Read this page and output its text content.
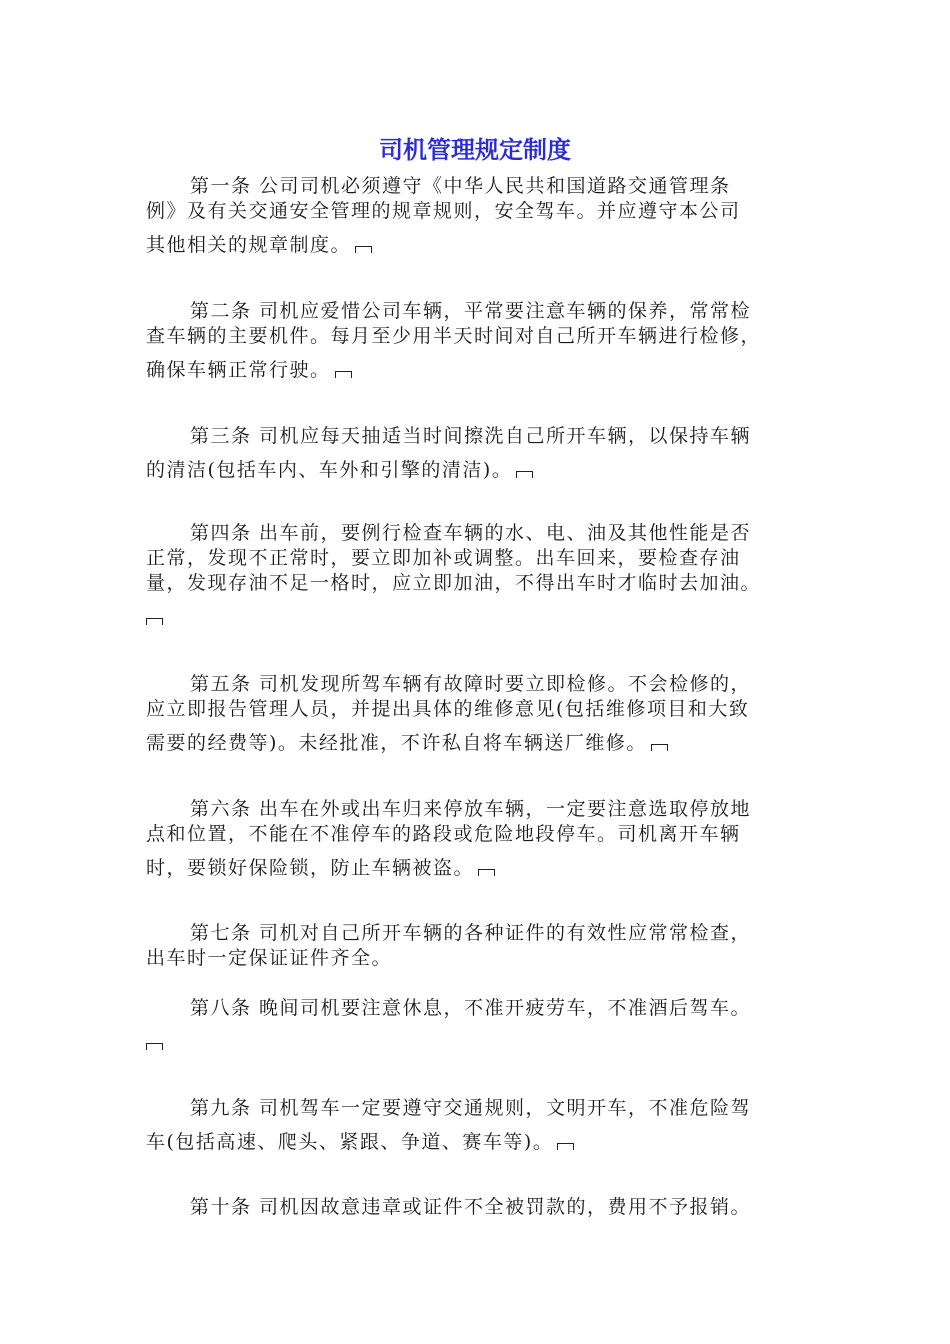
司机管理规定制度
第一条 公司司机必须遵守《中华人民共和国道路交通管理条
例》及有关交通安全管理的规章规则，安全驾车。并应遵守本公司
其他相关的规章制度。
第二条 司机应爱惜公司车辆，平常要注意车辆的保养，常常检
查车辆的主要机件。每月至少用半天时间对自己所开车辆进行检修，
确保车辆正常行驶。
第三条 司机应每天抽适当时间擦洗自己所开车辆，以保持车辆
的清洁(包括车内、车外和引擎的清洁)。
第四条 出车前，要例行检查车辆的水、电、油及其他性能是否
正常，发现不正常时，要立即加补或调整。出车回来，要检查存油
量，发现存油不足一格时，应立即加油，不得出车时才临时去加油。
第五条 司机发现所驾车辆有故障时要立即检修。不会检修的，
应立即报告管理人员，并提出具体的维修意见(包括维修项目和大致
需要的经费等)。未经批准，不许私自将车辆送厂维修。
第六条 出车在外或出车归来停放车辆，一定要注意选取停放地
点和位置，不能在不准停车的路段或危险地段停车。司机离开车辆
时，要锁好保险锁，防止车辆被盗。
第七条 司机对自己所开车辆的各种证件的有效性应常常检查，
出车时一定保证证件齐全。
第八条 晚间司机要注意休息，不准开疲劳车，不准酒后驾车。
第九条 司机驾车一定要遵守交通规则，文明开车，不准危险驾
车(包括高速、爬头、紧跟、争道、赛车等)。
第十条 司机因故意违章或证件不全被罚款的，费用不予报销。
